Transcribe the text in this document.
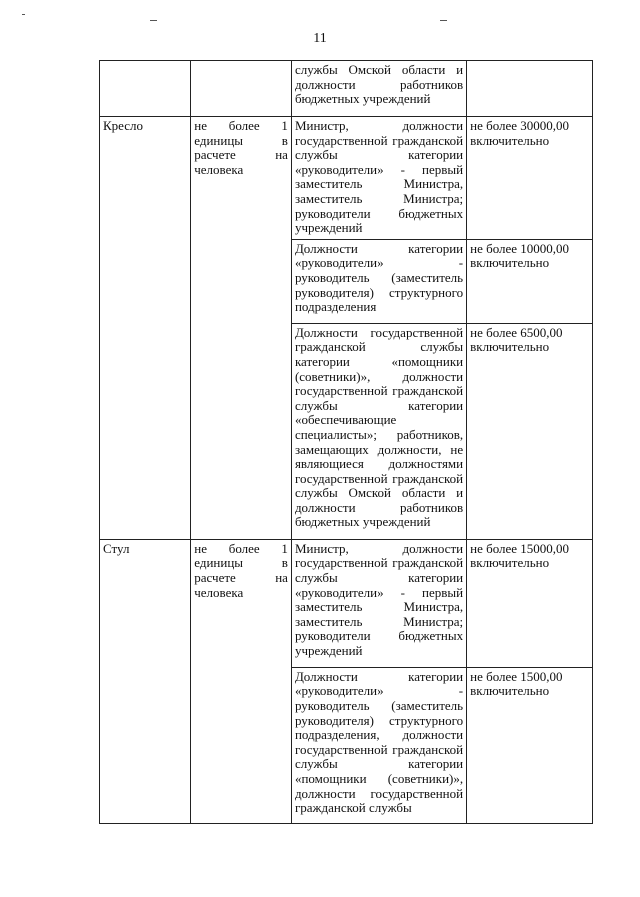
11
		службы Омской области и должности работников бюджетных учреждений	
Кресло	не более 1 единицы в расчете на человека	Министр, должности государственной гражданской службы категории «руководители» - первый заместитель Министра, заместитель Министра; руководители бюджетных учреждений	не более 30000,00 включительно
		Должности категории «руководители» - руководитель (заместитель руководителя) структурного подразделения	не более 10000,00 включительно
		Должности государственной гражданской службы категории «помощники (советники)», должности государственной гражданской службы категории «обеспечивающие специалисты»; работников, замещающих должности, не являющиеся должностями государственной гражданской службы Омской области и должности работников бюджетных учреждений	не более 6500,00 включительно
Стул	не более 1 единицы в расчете на человека	Министр, должности государственной гражданской службы категории «руководители» - первый заместитель Министра, заместитель Министра; руководители бюджетных учреждений	не более 15000,00 включительно
		Должности категории «руководители» - руководитель (заместитель руководителя) структурного подразделения, должности государственной гражданской службы категории «помощники (советники)», должности государственной гражданской службы	не более 1500,00 включительно
